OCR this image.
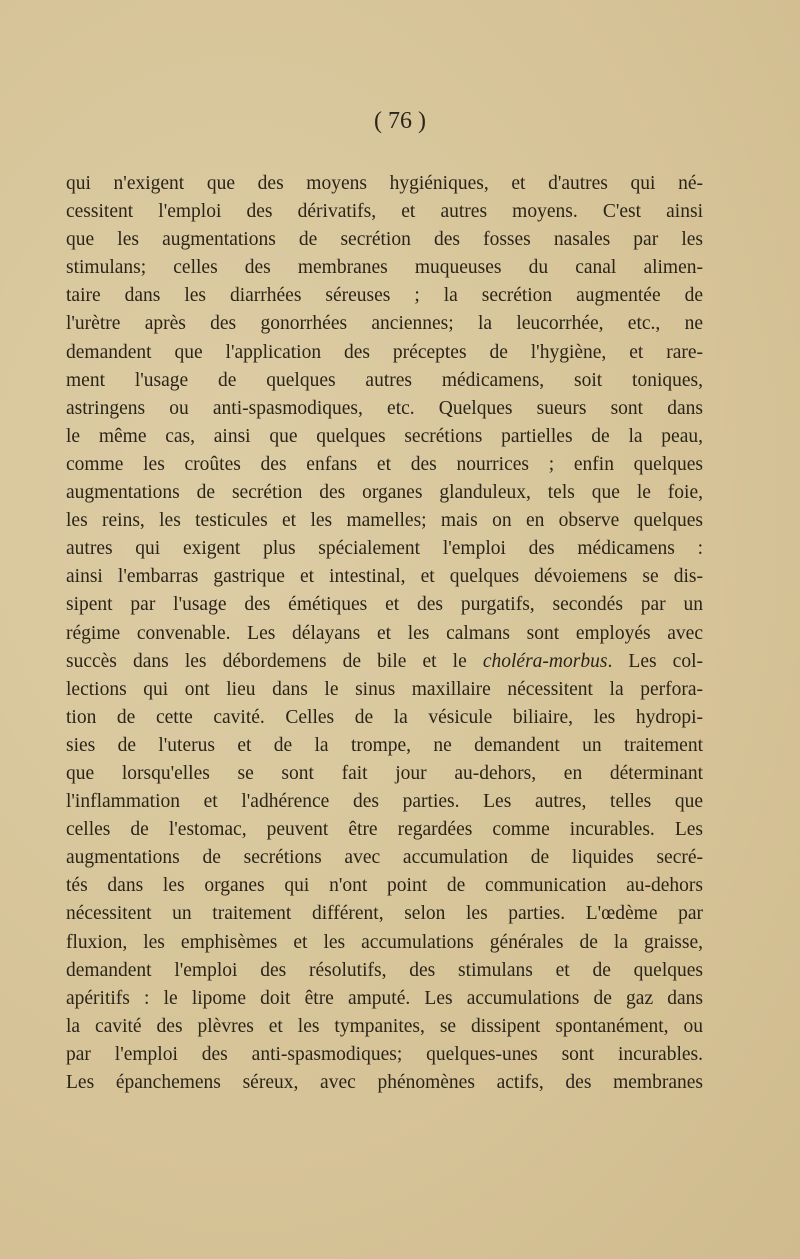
( 76 )
qui n'exigent que des moyens hygiéniques, et d'autres qui né-
cessitent l'emploi des dérivatifs, et autres moyens. C'est ainsi
que les augmentations de secrétion des fosses nasales par les
stimulans; celles des membranes muqueuses du canal alimen-
taire dans les diarrhées séreuses ; la secrétion augmentée de
l'urètre après des gonorrhées anciennes; la leucorrhée, etc., ne
demandent que l'application des préceptes de l'hygiène, et rare-
ment l'usage de quelques autres médicamens, soit toniques,
astringens ou anti-spasmodiques, etc. Quelques sueurs sont dans
le même cas, ainsi que quelques secrétions partielles de la peau,
comme les croûtes des enfans et des nourrices ; enfin quelques
augmentations de secrétion des organes glanduleux, tels que le foie,
les reins, les testicules et les mamelles; mais on en observe quelques
autres qui exigent plus spécialement l'emploi des médicamens :
ainsi l'embarras gastrique et intestinal, et quelques dévoiemens se dis-
sipent par l'usage des émétiques et des purgatifs, secondés par un
régime convenable. Les délayans et les calmans sont employés avec
succès dans les débordemens de bile et le choléra-morbus. Les col-
lections qui ont lieu dans le sinus maxillaire nécessitent la perfora-
tion de cette cavité. Celles de la vésicule biliaire, les hydropi-
sies de l'uterus et de la trompe, ne demandent un traitement
que lorsqu'elles se sont fait jour au-dehors, en déterminant
l'inflammation et l'adhérence des parties. Les autres, telles que
celles de l'estomac, peuvent être regardées comme incurables. Les
augmentations de secrétions avec accumulation de liquides secré-
tés dans les organes qui n'ont point de communication au-dehors
nécessitent un traitement différent, selon les parties. L'œdème par
fluxion, les emphisèmes et les accumulations générales de la graisse,
demandent l'emploi des résolutifs, des stimulans et de quelques
apéritifs : le lipome doit être amputé. Les accumulations de gaz dans
la cavité des plèvres et les tympanites, se dissipent spontanément, ou
par l'emploi des anti-spasmodiques; quelques-unes sont incurables.
Les épanchemens séreux, avec phénomènes actifs, des membranes
